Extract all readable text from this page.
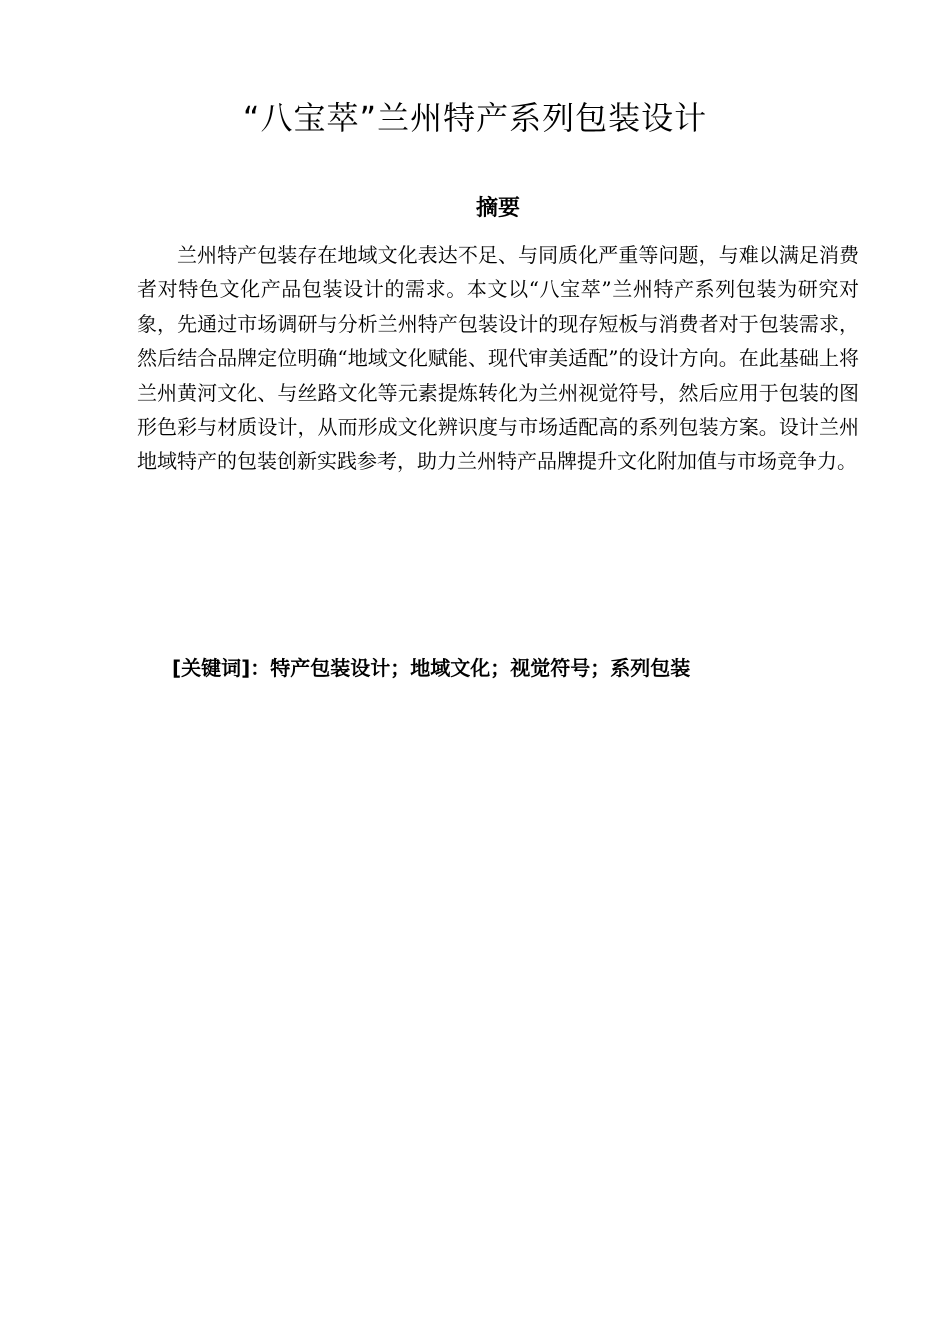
“八宝萃”兰州特产系列包装设计
摘要

兰州特产包装存在地域文化表达不足、与同质化严重等问题，与难以满足消费者对特色文化产品包装设计的需求。本文以“八宝萃”兰州特产系列包装为研究对象，先通过市场调研与分析兰州特产包装设计的现存短板与消费者对于包装需求，然后结合品牌定位明确“地域文化赋能、现代审美适配”的设计方向。在此基础上将兰州黄河文化、与丝路文化等元素提炼转化为兰州视觉符号，然后应用于包装的图形色彩与材质设计，从而形成文化辨识度与市场适配高的系列包装方案。设计兰州地域特产的包装创新实践参考，助力兰州特产品牌提升文化附加值与市场竞争力。

[关键词]：特产包装设计；地域文化；视觉符号；系列包装
